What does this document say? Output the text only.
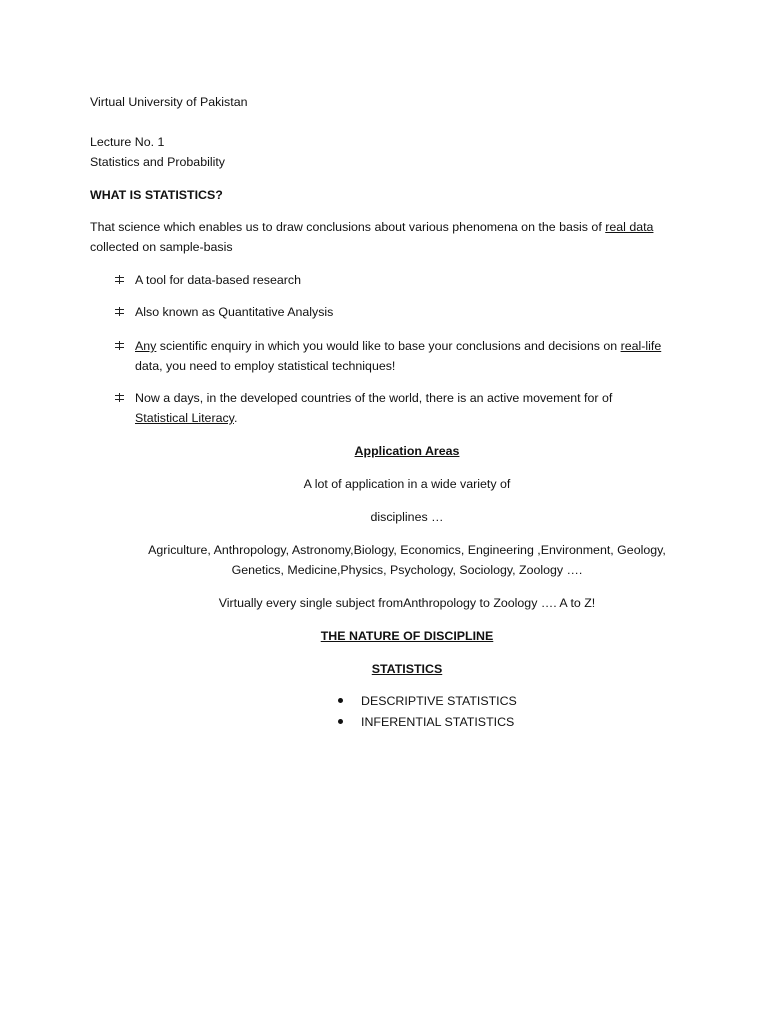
Virtual University of Pakistan

Lecture No. 1

Statistics and Probability

WHAT IS STATISTICS?

That science which enables us to draw conclusions about various phenomena on the basis of real data

collected on sample-basis

A tool for data-based research
Also known as Quantitative Analysis
Any scientific enquiry in which you would like to base your conclusions and decisions on real-life
data, you need to employ statistical techniques!
Now a days, in the developed countries of the world, there is an active movement for of
Statistical Literacy.

Application Areas

A lot of application in a wide variety of

disciplines …

Agriculture, Anthropology, Astronomy,Biology, Economics, Engineering ,Environment, Geology,

Genetics, Medicine,Physics, Psychology, Sociology, Zoology ….

Virtually every single subject fromAnthropology to Zoology …. A to Z!

THE NATURE OF DISCIPLINE

STATISTICS

DESCRIPTIVE STATISTICS
INFERENTIAL STATISTICS
